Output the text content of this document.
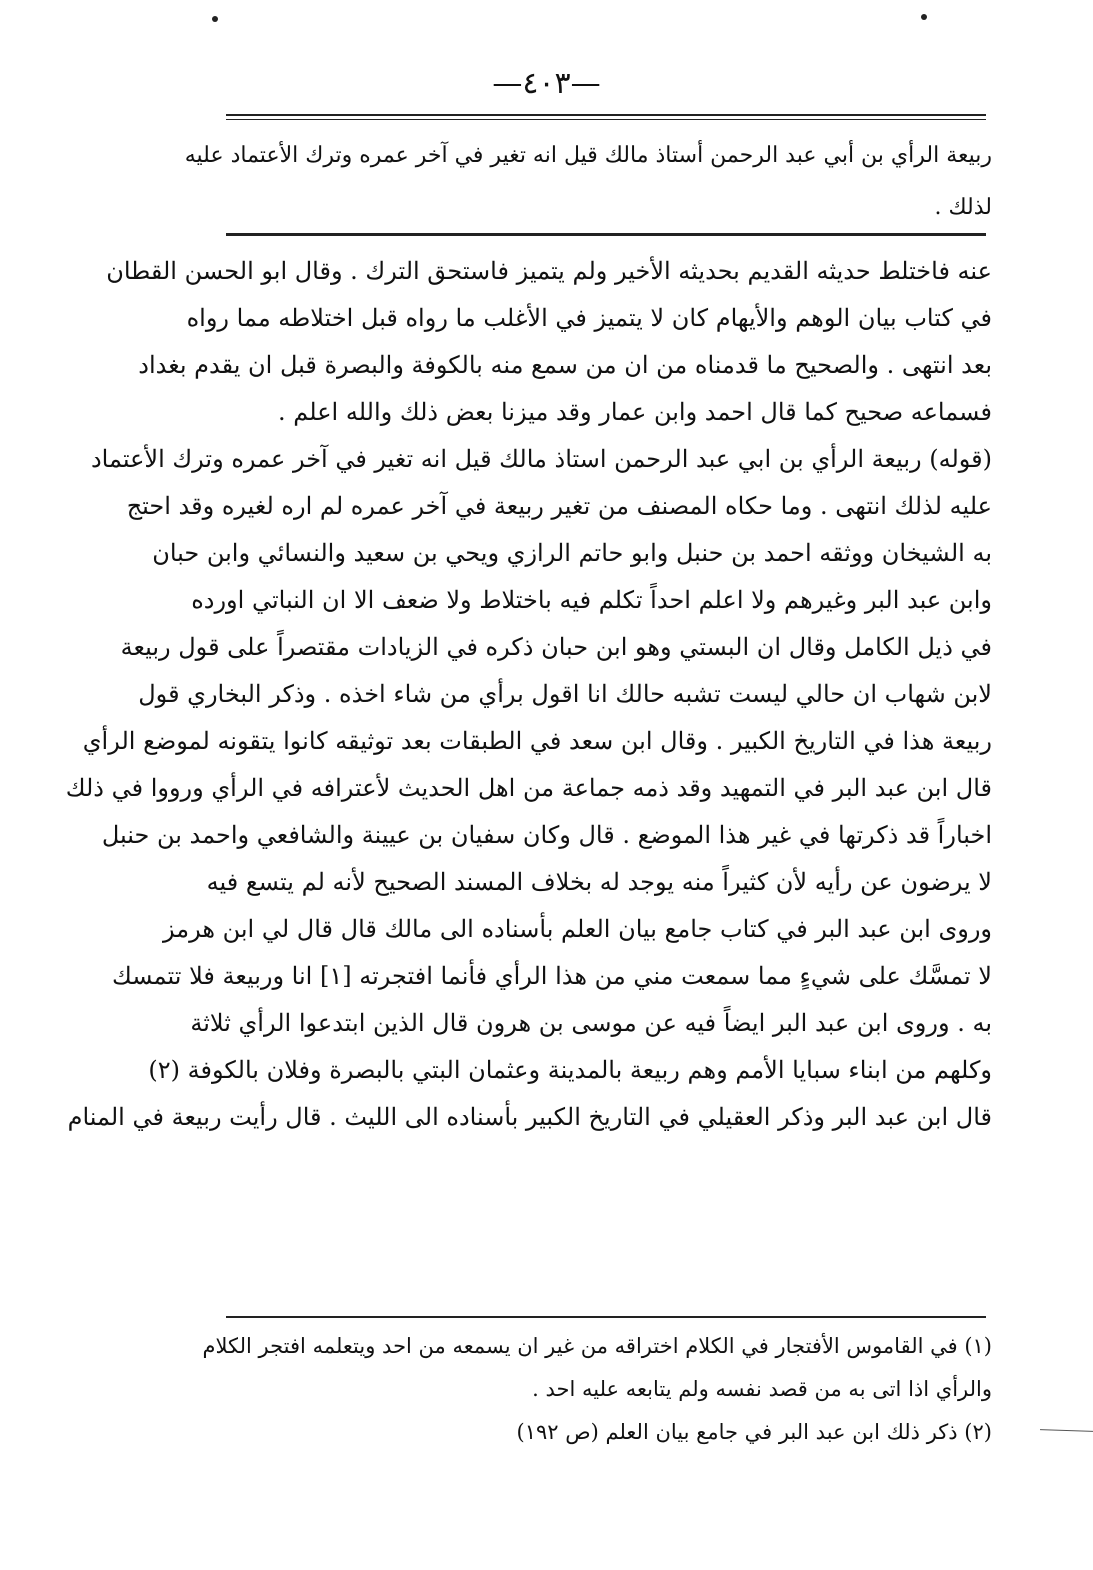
—٤٠٣—
ربيعة الرأي بن أبي عبد الرحمن أستاذ مالك قيل انه تغير في آخر عمره وترك الأعتماد عليه
لذلك .
عنه فاختلط حديثه القديم بحديثه الأخير ولم يتميز فاستحق الترك . وقال ابو الحسن القطان
في كتاب بيان الوهم والأيهام كان لا يتميز في الأغلب ما رواه قبل اختلاطه مما رواه
بعد انتهى . والصحيح ما قدمناه من ان من سمع منه بالكوفة والبصرة قبل ان يقدم بغداد
فسماعه صحيح كما قال احمد وابن عمار وقد ميزنا بعض ذلك والله اعلم .
(قوله) ربيعة الرأي بن ابي عبد الرحمن استاذ مالك قيل انه تغير في آخر عمره وترك الأعتماد
عليه لذلك انتهى . وما حكاه المصنف من تغير ربيعة في آخر عمره لم اره لغيره وقد احتج
به الشيخان ووثقه احمد بن حنبل وابو حاتم الرازي ويحي بن سعيد والنسائي وابن حبان
وابن عبد البر وغيرهم ولا اعلم احداً تكلم فيه باختلاط ولا ضعف الا ان النباتي اورده
في ذيل الكامل وقال ان البستي وهو ابن حبان ذكره في الزيادات مقتصراً على قول ربيعة
لابن شهاب ان حالي ليست تشبه حالك انا اقول برأي من شاء اخذه . وذكر البخاري قول
ربيعة هذا في التاريخ الكبير . وقال ابن سعد في الطبقات بعد توثيقه كانوا يتقونه لموضع الرأي
قال ابن عبد البر في التمهيد وقد ذمه جماعة من اهل الحديث لأعترافه في الرأي ورووا في ذلك
اخباراً قد ذكرتها في غير هذا الموضع . قال وكان سفيان بن عيينة والشافعي واحمد بن حنبل
لا يرضون عن رأيه لأن كثيراً منه يوجد له بخلاف المسند الصحيح لأنه لم يتسع فيه
وروى ابن عبد البر في كتاب جامع بيان العلم بأسناده الى مالك قال قال لي ابن هرمز
لا تمسَّك على شيءٍ مما سمعت مني من هذا الرأي فأنما افتجرته [١] انا وربيعة فلا تتمسك
به . وروى ابن عبد البر ايضاً فيه عن موسى بن هرون قال الذين ابتدعوا الرأي ثلاثة
وكلهم من ابناء سبايا الأمم وهم ربيعة بالمدينة وعثمان البتي بالبصرة وفلان بالكوفة (٢)
قال ابن عبد البر وذكر العقيلي في التاريخ الكبير بأسناده الى الليث . قال رأيت ربيعة في المنام
(١) في القاموس الأفتجار في الكلام اختراقه من غير ان يسمعه من احد ويتعلمه افتجر الكلام
والرأي اذا اتى به من قصد نفسه ولم يتابعه عليه احد .
(٢) ذكر ذلك ابن عبد البر في جامع بيان العلم (ص ١٩٢)
